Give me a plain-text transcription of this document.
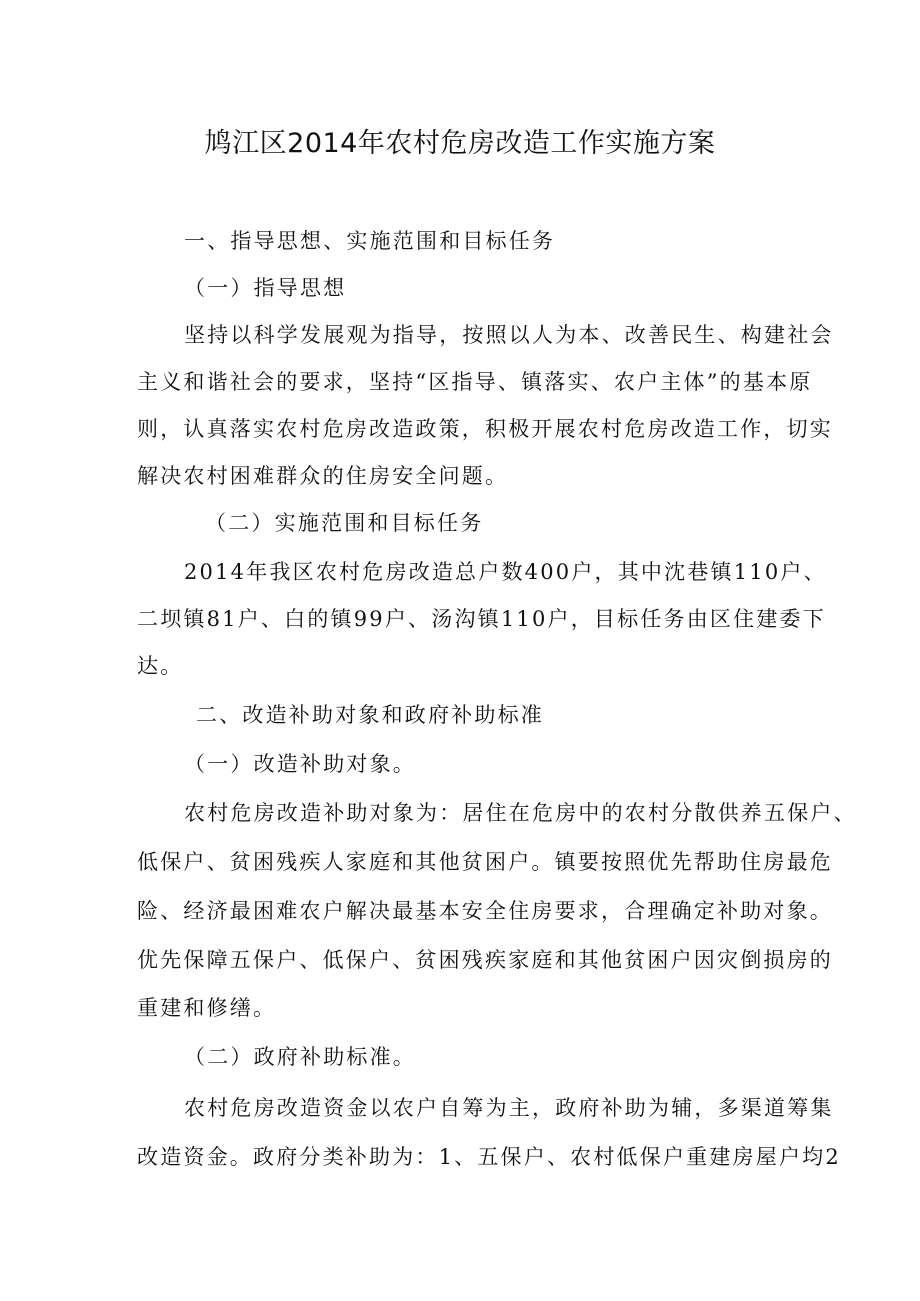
鸠江区2014年农村危房改造工作实施方案
一、指导思想、实施范围和目标任务
（一）指导思想
坚持以科学发展观为指导，按照以人为本、改善民生、构建社会
主义和谐社会的要求，坚持“区指导、镇落实、农户主体”的基本原
则，认真落实农村危房改造政策，积极开展农村危房改造工作，切实
解决农村困难群众的住房安全问题。
（二）实施范围和目标任务
2014年我区农村危房改造总户数400户，其中沈巷镇110户、
二坝镇81户、白的镇99户、汤沟镇110户，目标任务由区住建委下
达。
二、改造补助对象和政府补助标准
（一）改造补助对象。
农村危房改造补助对象为：居住在危房中的农村分散供养五保户、
低保户、贫困残疾人家庭和其他贫困户。镇要按照优先帮助住房最危
险、经济最困难农户解决最基本安全住房要求，合理确定补助对象。
优先保障五保户、低保户、贫困残疾家庭和其他贫困户因灾倒损房的
重建和修缮。
（二）政府补助标准。
农村危房改造资金以农户自筹为主，政府补助为辅，多渠道筹集
改造资金。政府分类补助为：1、五保户、农村低保户重建房屋户均2
